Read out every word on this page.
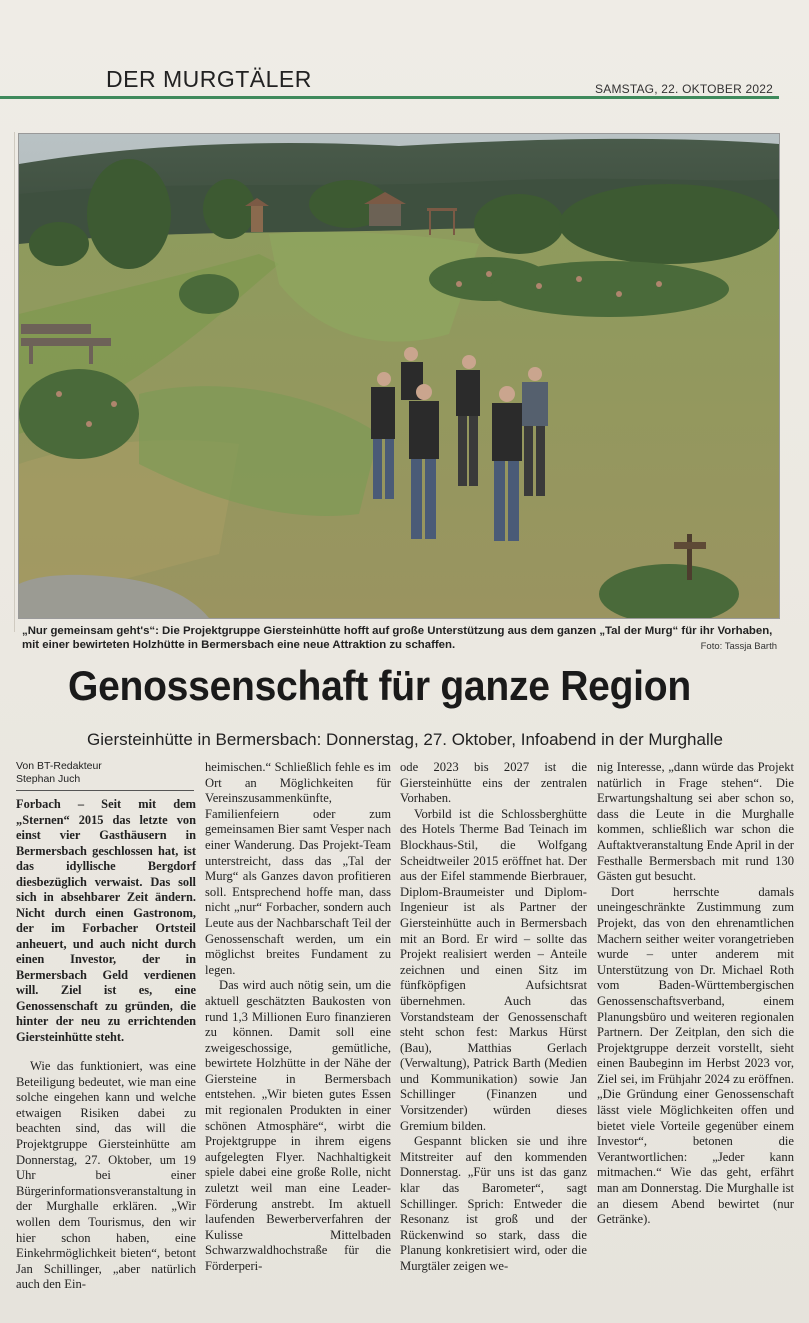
DER MURGTÄLER	SAMSTAG, 22. OKTOBER 2022
„Nur gemeinsam geht's“: Die Projektgruppe Giersteinhütte hofft auf große Unterstützung aus dem ganzen „Tal der Murg“ für ihr Vorhaben, mit einer bewirteten Holzhütte in Bermersbach eine neue Attraktion zu schaffen.	Foto: Tassja Barth
Genossenschaft für ganze Region
Giersteinhütte in Bermersbach: Donnerstag, 27. Oktober, Infoabend in der Murghalle
Von BT-Redakteur
Stephan Juch

Forbach – Seit mit dem „Sternen“ 2015 das letzte von einst vier Gasthäusern in Bermersbach geschlossen hat, ist das idyllische Bergdorf diesbezüglich verwaist. Das soll sich in absehbarer Zeit ändern. Nicht durch einen Gastronom, der im Forbacher Ortsteil anheuert, und auch nicht durch einen Investor, der in Bermersbach Geld verdienen will. Ziel ist es, eine Genossenschaft zu gründen, die hinter der neu zu errichtenden Giersteinhütte steht.

Wie das funktioniert, was eine Beteiligung bedeutet, wie man eine solche eingehen kann und welche etwaigen Risiken dabei zu beachten sind, das will die Projektgruppe Giersteinhütte am Donnerstag, 27. Oktober, um 19 Uhr bei einer Bürgerinformationsveranstaltung in der Murghalle erklären. „Wir wollen dem Tourismus, den wir hier schon haben, eine Einkehrmöglichkeit bieten“, betont Jan Schillinger, „aber natürlich auch den Ein-

heimischen.“ Schließlich fehle es im Ort an Möglichkeiten für Vereinszusammenkünfte, Familienfeiern oder zum gemeinsamen Bier samt Vesper nach einer Wanderung. Das Projekt-Team unterstreicht, dass das „Tal der Murg“ als Ganzes davon profitieren soll. Entsprechend hoffe man, dass nicht „nur“ Forbacher, sondern auch Leute aus der Nachbarschaft Teil der Genossenschaft werden, um ein möglichst breites Fundament zu legen.

Das wird auch nötig sein, um die aktuell geschätzten Baukosten von rund 1,3 Millionen Euro finanzieren zu können. Damit soll eine zweigeschossige, gemütliche, bewirtete Holzhütte in der Nähe der Giersteine in Bermersbach entstehen. „Wir bieten gutes Essen mit regionalen Produkten in einer schönen Atmosphäre“, wirbt die Projektgruppe in ihrem eigens aufgelegten Flyer. Nachhaltigkeit spiele dabei eine große Rolle, nicht zuletzt weil man eine Leader-Förderung anstrebt. Im aktuell laufenden Bewerberverfahren der Kulisse Mittelbaden Schwarzwaldhochstraße für die Förderperi-

ode 2023 bis 2027 ist die Giersteinhütte eins der zentralen Vorhaben.

Vorbild ist die Schlossberghütte des Hotels Therme Bad Teinach im Blockhaus-Stil, die Wolfgang Scheidtweiler 2015 eröffnet hat. Der aus der Eifel stammende Bierbrauer, Diplom-Braumeister und Diplom-Ingenieur ist als Partner der Giersteinhütte auch in Bermersbach mit an Bord. Er wird – sollte das Projekt realisiert werden – Anteile zeichnen und einen Sitz im fünfköpfigen Aufsichtsrat übernehmen. Auch das Vorstandsteam der Genossenschaft steht schon fest: Markus Hürst (Bau), Matthias Gerlach (Verwaltung), Patrick Barth (Medien und Kommunikation) sowie Jan Schillinger (Finanzen und Vorsitzender) würden dieses Gremium bilden.

Gespannt blicken sie und ihre Mitstreiter auf den kommenden Donnerstag. „Für uns ist das ganz klar das Barometer“, sagt Schillinger. Sprich: Entweder die Resonanz ist groß und der Rückenwind so stark, dass die Planung konkretisiert wird, oder die Murgtäler zeigen we-

nig Interesse, „dann würde das Projekt natürlich in Frage stehen“. Die Erwartungshaltung sei aber schon so, dass die Leute in die Murghalle kommen, schließlich war schon die Auftaktveranstaltung Ende April in der Festhalle Bermersbach mit rund 130 Gästen gut besucht.

Dort herrschte damals uneingeschränkte Zustimmung zum Projekt, das von den ehrenamtlichen Machern seither weiter vorangetrieben wurde – unter anderem mit Unterstützung von Dr. Michael Roth vom Baden-Württembergischen Genossenschaftsverband, einem Planungsbüro und weiteren regionalen Partnern. Der Zeitplan, den sich die Projektgruppe derzeit vorstellt, sieht einen Baubeginn im Herbst 2023 vor, Ziel sei, im Frühjahr 2024 zu eröffnen. „Die Gründung einer Genossenschaft lässt viele Möglichkeiten offen und bietet viele Vorteile gegenüber einem Investor“, betonen die Verantwortlichen: „Jeder kann mitmachen.“ Wie das geht, erfährt man am Donnerstag. Die Murghalle ist an diesem Abend bewirtet (nur Getränke).
